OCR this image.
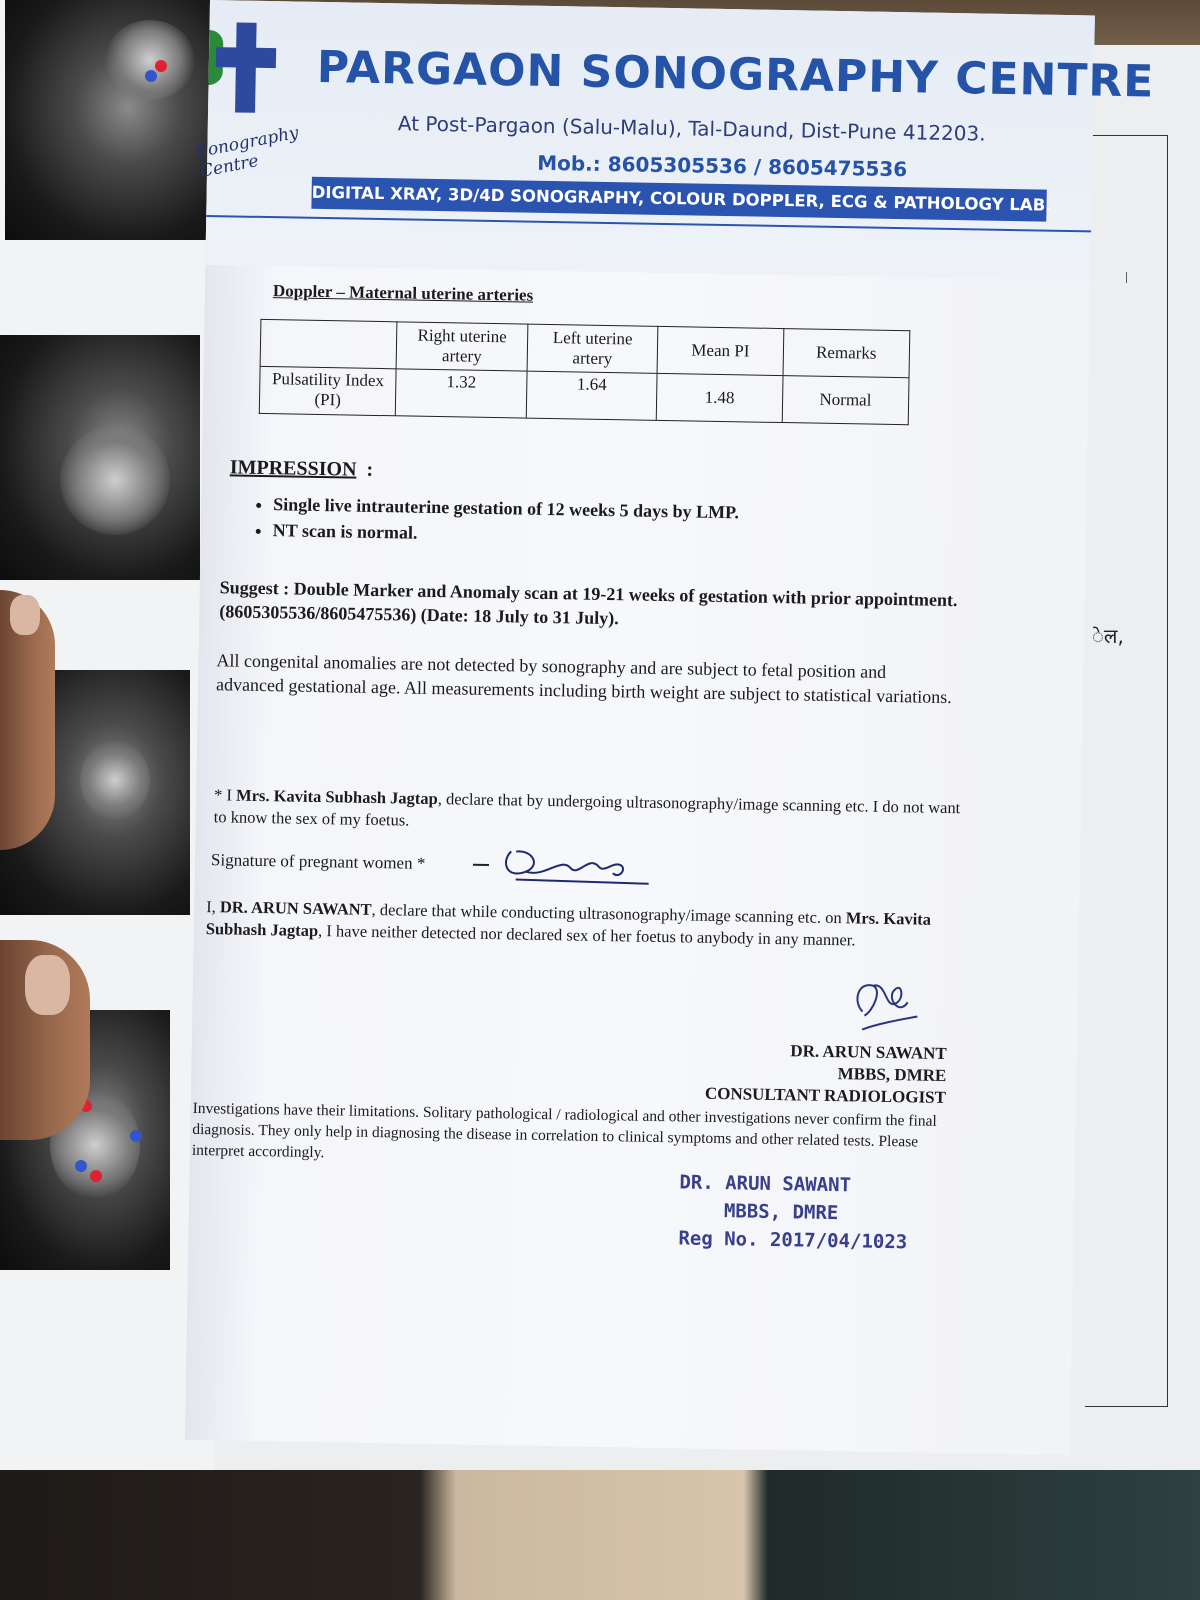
ǀ
ेल,
Sonography Centre
PARGAON SONOGRAPHY CENTRE
At Post-Pargaon (Salu-Malu), Tal-Daund, Dist-Pune 412203.
Mob.: 8605305536 / 8605475536
DIGITAL XRAY, 3D/4D SONOGRAPHY, COLOUR DOPPLER, ECG & PATHOLOGY LAB.
Doppler – Maternal uterine arteries
	Right uterine artery	Left uterine artery	Mean PI	Remarks
Pulsatility Index (PI)	1.32	1.64	1.48	Normal
IMPRESSION :
• Single live intrauterine gestation of 12 weeks 5 days by LMP.
• NT scan is normal.
Suggest : Double Marker and Anomaly scan at 19-21 weeks of gestation with prior appointment. (8605305536/8605475536) (Date: 18 July to 31 July).
All congenital anomalies are not detected by sonography and are subject to fetal position and advanced gestational age. All measurements including birth weight are subject to statistical variations.
* I Mrs. Kavita Subhash Jagtap, declare that by undergoing ultrasonography/image scanning etc. I do not want to know the sex of my foetus.
Signature of pregnant women *
I, DR. ARUN SAWANT, declare that while conducting ultrasonography/image scanning etc. on Mrs. Kavita Subhash Jagtap, I have neither detected nor declared sex of her foetus to anybody in any manner.
DR. ARUN SAWANT
MBBS, DMRE
CONSULTANT RADIOLOGIST
Investigations have their limitations. Solitary pathological / radiological and other investigations never confirm the final diagnosis. They only help in diagnosing the disease in correlation to clinical symptoms and other related tests. Please interpret accordingly.
DR. ARUN SAWANT
MBBS, DMRE
Reg No. 2017/04/1023
